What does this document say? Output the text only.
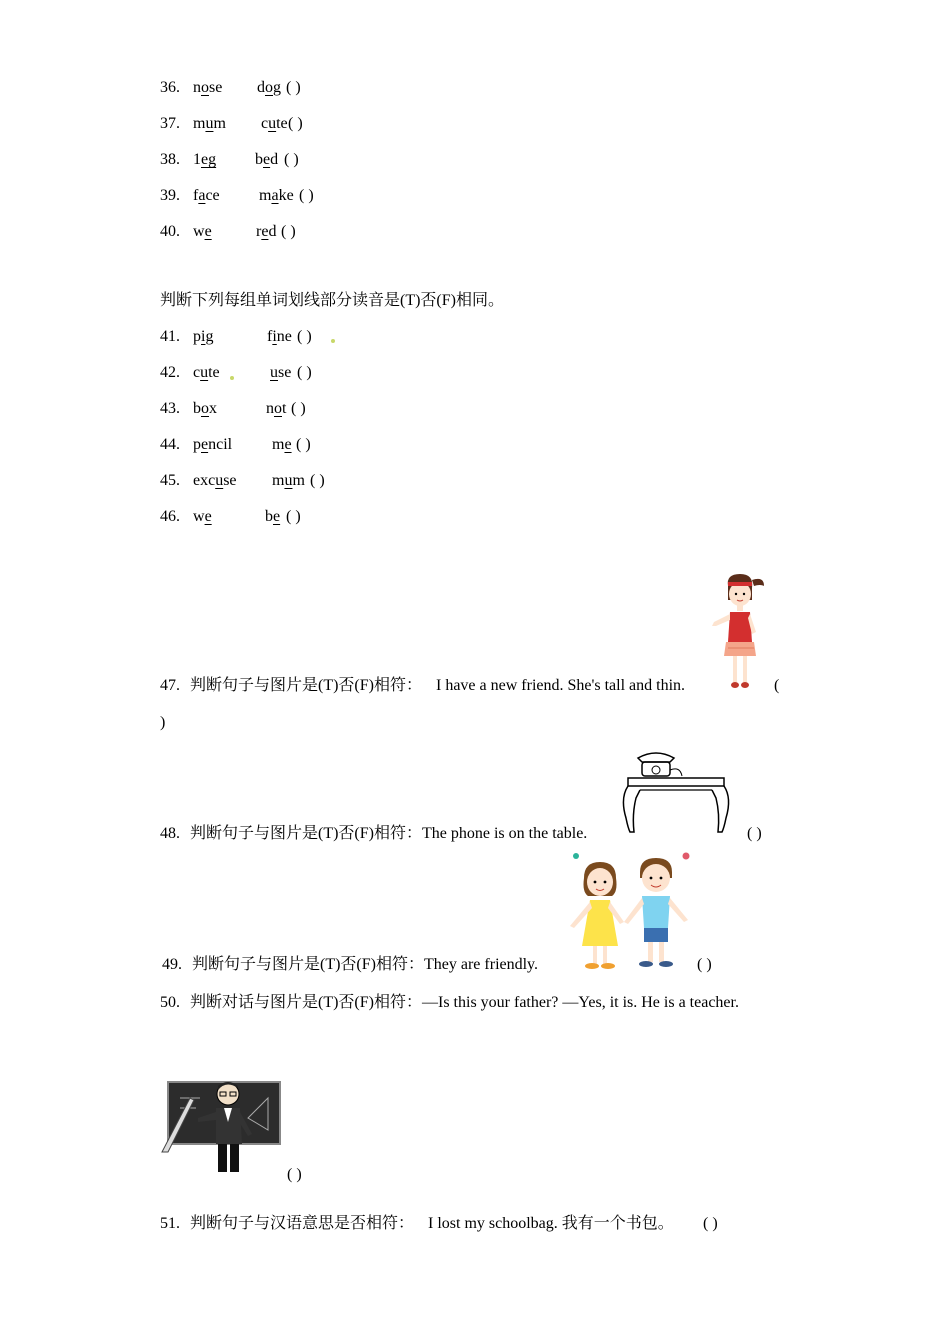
36. nose dog ( )
37. mum cute ( )
38. 1eg bed ( )
39. face make ( )
40. we	red ( )
判断下列每组单词划线部分读音是(T)否(F)相同。
41. pig	fine ( )
42. cute	use ( )
43. box	not ( )
44. pencil me ( )
45. excuse mum ( )
46. we	be ( )
47. 判断句子与图片是(T)否(F)相符： I have a new friend. She's tall and thin.	(
)
48. 判断句子与图片是(T)否(F)相符：The phone is on the table.	( )
49. 判断句子与图片是(T)否(F)相符：They are friendly.	( )
50. 判断对话与图片是(T)否(F)相符：—Is this your father? —Yes, it is. He is a teacher.
( )
51. 判断句子与汉语意思是否相符： I lost my schoolbag. 我有一个书包。 ( )
